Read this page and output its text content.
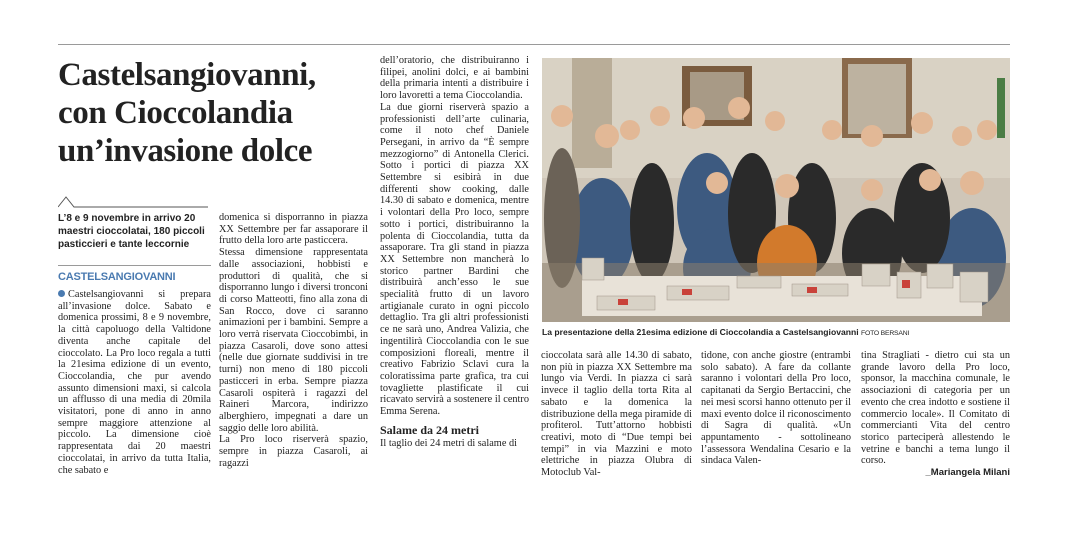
Castelsangiovanni, con Cioccolandia un’invasione dolce

L’8 e 9 novembre in arrivo 20 maestri cioccolatai, 180 piccoli pasticcieri e tante leccornie

CASTELSANGIOVANNI

Castelsangiovanni si prepara all’invasione dolce. Sabato e domenica prossimi, 8 e 9 novembre, la città capoluogo della Valtidone diventa anche capitale del cioccolato. La Pro loco regala a tutti la 21esima edizione di un evento, Cioccolandia, che pur avendo assunto dimensioni maxi, si calcola un afflusso di una media di 20mila visitatori, pone di anno in anno sempre maggiore attenzione al piccolo. La dimensione cioè rappresentata dai 20 maestri cioccolatai, in arrivo da tutta Italia, che sabato e

domenica si disporranno in piazza XX Settembre per far assaporare il frutto della loro arte pasticcera.

Stessa dimensione rappresentata dalle associazioni, hobbisti e produttori di qualità, che si disporranno lungo i diversi tronconi di corso Matteotti, fino alla zona di San Rocco, dove ci saranno animazioni per i bambini. Sempre a loro verrà riservata Cioccobimbi, in piazza Casaroli, dove sono attesi (nelle due giornate suddivisi in tre turni) non meno di 180 piccoli pasticceri in erba. Sempre piazza Casaroli ospiterà i ragazzi del Raineri Marcora, indirizzo alberghiero, impegnati a dare un saggio delle loro abilità.

La Pro loco riserverà spazio, sempre in piazza Casaroli, ai ragazzi

dell’oratorio, che distribuiranno i filipei, anolini dolci, e ai bambini della primaria intenti a distribuire i loro lavoretti a tema Cioccolandia.

La due giorni riserverà spazio a professionisti dell’arte culinaria, come il noto chef Daniele Persegani, in arrivo da “È sempre mezzogiorno” di Antonella Clerici. Sotto i portici di piazza XX Settembre si esibirà in due differenti show cooking, dalle 14.30 di sabato e domenica, mentre i volontari della Pro loco, sempre sotto i portici, distribuiranno la polenta di Cioccolandia, tutta da assaporare. Tra gli stand in piazza XX Settembre non mancherà lo storico partner Bardini che distribuirà anch’esso le sue specialità frutto di un lavoro artigianale curato in ogni piccolo dettaglio. Tra gli altri professionisti ce ne sarà uno, Andrea Valizia, che ingentilirà Cioccolandia con le sue composizioni floreali, mentre il creativo Fabrizio Sclavi cura la coloratissima parte grafica, tra cui tovagliette plastificate il cui ricavato servirà a sostenere il centro Emma Serena.

Salame da 24 metri

Il taglio dei 24 metri di salame di

La presentazione della 21esima edizione di Cioccolandia a Castelsangiovanni FOTO BERSANI

cioccolata sarà alle 14.30 di sabato, non più in piazza XX Settembre ma lungo via Verdi. In piazza ci sarà invece il taglio della torta Rita al sabato e la domenica la distribuzione della mega piramide di profiterol. Tutt’attorno hobbisti creativi, moto di “Due tempi bei tempi” in via Mazzini e moto elettriche in piazza Olubra di Motoclub Val-

tidone, con anche giostre (entrambi solo sabato). A fare da collante saranno i volontari della Pro loco, capitanati da Sergio Bertaccini, che nei mesi scorsi hanno ottenuto per il maxi evento dolce il riconoscimento di Sagra di qualità. «Un appuntamento - sottolineano l’assessora Wendalina Cesario e la sindaca Valen-

tina Stragliati - dietro cui sta un grande lavoro della Pro loco, sponsor, la macchina comunale, le associazioni di categoria per un evento che crea indotto e sostiene il commercio locale». Il Comitato di commercianti Vita del centro storico parteciperà allestendo le vetrine e banchi a tema lungo il corso.

_Mariangela Milani
